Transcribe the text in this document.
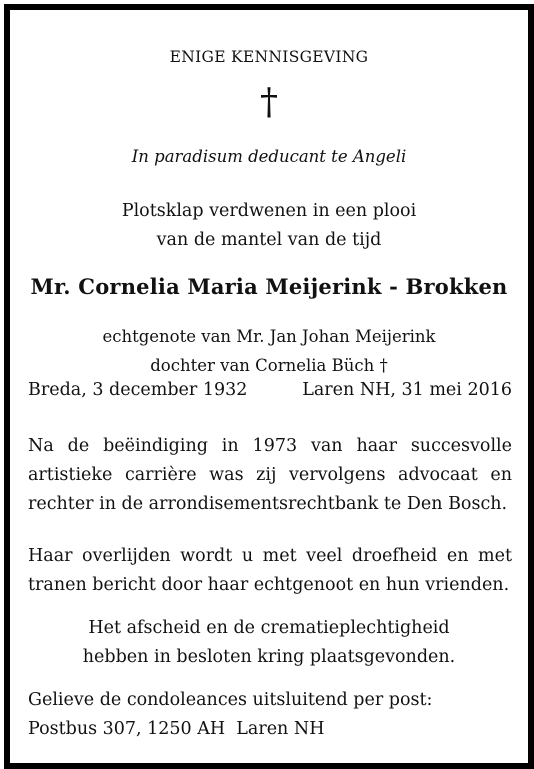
ENIGE KENNISGEVING
†
In paradisum deducant te Angeli
Plotsklap verdwenen in een plooi
van de mantel van de tijd
Mr. Cornelia Maria Meijerink - Brokken
echtgenote van Mr. Jan Johan Meijerink
dochter van Cornelia Büch †
Breda, 3 december 1932	Laren NH, 31 mei 2016
Na de beëindiging in 1973 van haar succesvolle artistieke carrière was zij vervolgens advocaat en rechter in de arrondisementsrechtbank te Den Bosch.
Haar overlijden wordt u met veel droefheid en met tranen bericht door haar echtgenoot en hun vrienden.
Het afscheid en de crematieplechtigheid
hebben in besloten kring plaatsgevonden.
Gelieve de condoleances uitsluitend per post:
Postbus 307, 1250 AH  Laren NH
